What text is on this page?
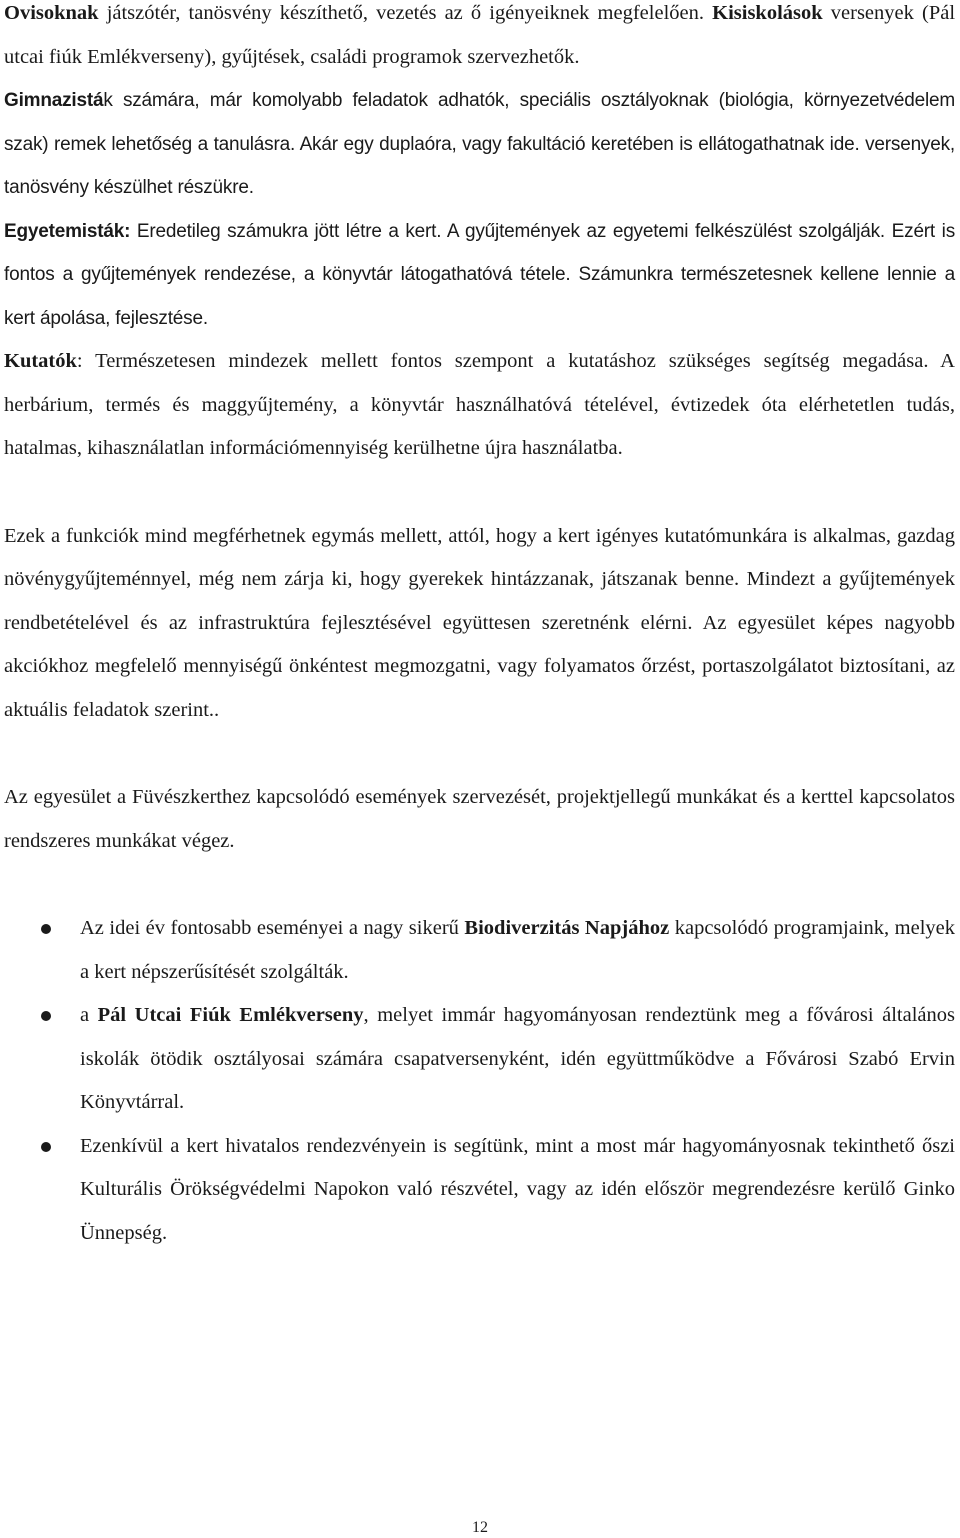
Ovisoknak játszótér, tanösvény készíthető, vezetés az ő igényeiknek megfelelően. Kisiskolások versenyek (Pál utcai fiúk Emlékverseny), gyűjtések, családi programok szervezhetők.

Gimnazisták számára, már komolyabb feladatok adhatók, speciális osztályoknak (biológia, környezetvédelem szak) remek lehetőség a tanulásra. Akár egy duplaóra, vagy fakultáció keretében is ellátogathatnak ide. versenyek, tanösvény készülhet részükre.

Egyetemisták: Eredetileg számukra jött létre a kert. A gyűjtemények az egyetemi felkészülést szolgálják. Ezért is fontos a gyűjtemények rendezése, a könyvtár látogathatóvá tétele. Számunkra természetesnek kellene lennie a kert ápolása, fejlesztése.

Kutatók: Természetesen mindezek mellett fontos szempont a kutatáshoz szükséges segítség megadása. A herbárium, termés és maggyűjtemény, a könyvtár használhatóvá tételével, évtizedek óta elérhetetlen tudás, hatalmas, kihasználatlan információmennyiség kerülhetne újra használatba.

Ezek a funkciók mind megférhetnek egymás mellett, attól, hogy a kert igényes kutatómunkára is alkalmas, gazdag növénygyűjteménnyel, még nem zárja ki, hogy gyerekek hintázzanak, játszanak benne. Mindezt a gyűjtemények rendbetételével és az infrastruktúra fejlesztésével együttesen szeretnénk elérni. Az egyesület képes nagyobb akciókhoz megfelelő mennyiségű önkéntest megmozgatni, vagy folyamatos őrzést, portaszolgálatot biztosítani, az aktuális feladatok szerint..

Az egyesület a Füvészkerthez kapcsolódó események szervezését, projektjellegű munkákat és a kerttel kapcsolatos rendszeres munkákat végez.

Az idei év fontosabb eseményei a nagy sikerű Biodiverzitás Napjához kapcsolódó programjaink, melyek a kert népszerűsítését szolgálták.

a Pál Utcai Fiúk Emlékverseny, melyet immár hagyományosan rendeztünk meg a fővárosi általános iskolák ötödik osztályosai számára csapatversenyként, idén együttműködve a Fővárosi Szabó Ervin Könyvtárral.

Ezenkívül a kert hivatalos rendezvényein is segítünk, mint a most már hagyományosnak tekinthető őszi Kulturális Örökségvédelmi Napokon való részvétel, vagy az idén először megrendezésre kerülő Ginko Ünnepség.

12
